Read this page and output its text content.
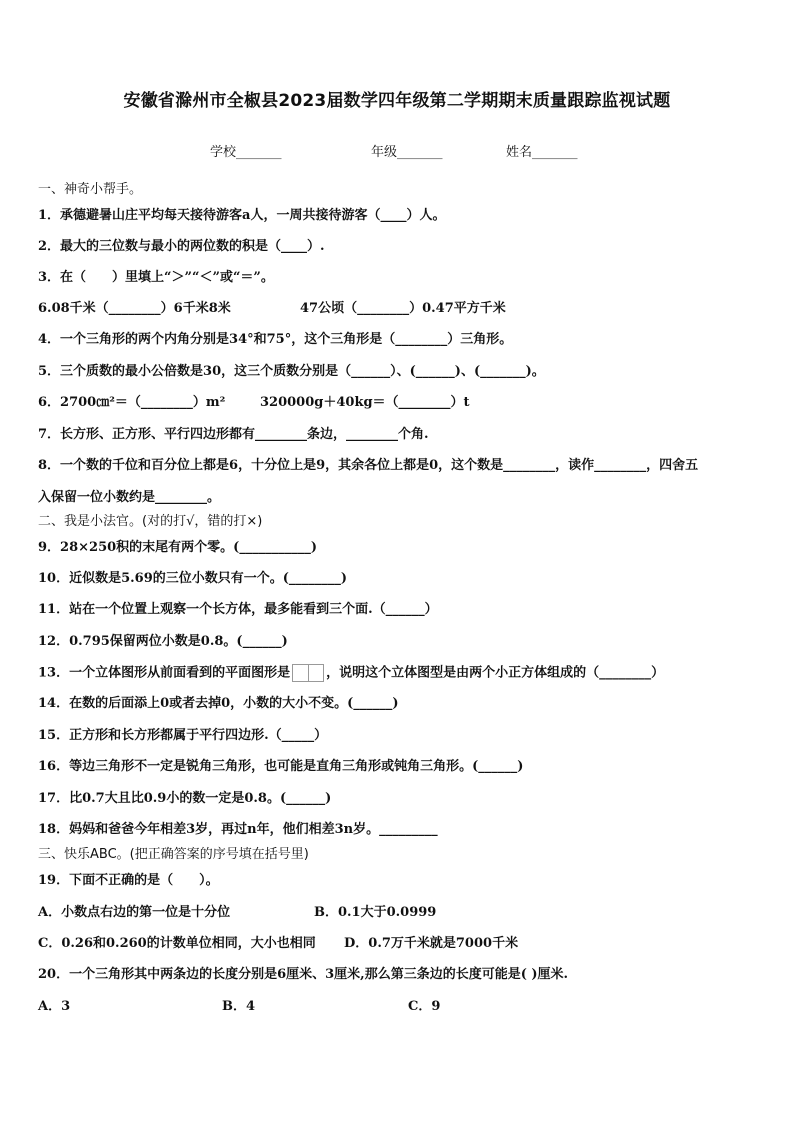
安徽省滁州市全椒县2023届数学四年级第二学期期末质量跟踪监视试题
学校_______	年级_______	姓名_______
一、神奇小帮手。
1．承德避暑山庄平均每天接待游客a人，一周共接待游客（____）人。
2．最大的三位数与最小的两位数的积是（____）.
3．在（　　）里填上“＞”“＜”或“＝”。
6.08千米（________）6千米8米	47公顷（________）0.47平方千米
4．一个三角形的两个内角分别是34°和75°，这个三角形是（________）三角形。
5．三个质数的最小公倍数是30，这三个质数分别是（______）、(______)、(_______)。
6．2700㎝²＝（________）m²	320000g＋40kg＝（________）t
7．长方形、正方形、平行四边形都有________条边，________个角.
8．一个数的千位和百分位上都是6，十分位上是9，其余各位上都是0，这个数是________，读作________，四舍五
入保留一位小数约是________。
二、我是小法官。(对的打√，错的打×)
9．28×250积的末尾有两个零。(___________)
10．近似数是5.69的三位小数只有一个。(________)
11．站在一个位置上观察一个长方体，最多能看到三个面.（______）
12．0.795保留两位小数是0.8。(______)
13．一个立体图形从前面看到的平面图形是	，说明这个立体图型是由两个小正方体组成的（________）
14．在数的后面添上0或者去掉0，小数的大小不变。(______)
15．正方形和长方形都属于平行四边形.（_____）
16．等边三角形不一定是锐角三角形，也可能是直角三角形或钝角三角形。(______)
17．比0.7大且比0.9小的数一定是0.8。(______)
18．妈妈和爸爸今年相差3岁，再过n年，他们相差3n岁。_________
三、快乐ABC。(把正确答案的序号填在括号里)
19．下面不正确的是（　　）。
A．小数点右边的第一位是十分位	B．0.1大于0.0999
C．0.26和0.260的计数单位相同，大小也相同 D．0.7万千米就是7000千米
20．一个三角形其中两条边的长度分别是6厘米、3厘米,那么第三条边的长度可能是( )厘米.
A．3	B．4	C．9
